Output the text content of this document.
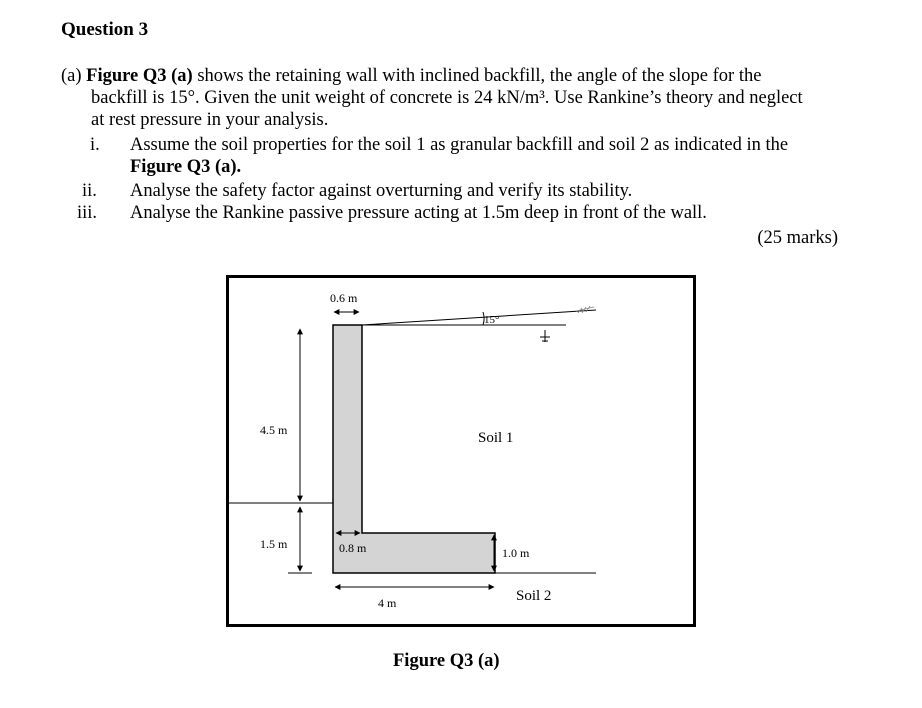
Question 3
(a) Figure Q3 (a) shows the retaining wall with inclined backfill, the angle of the slope for the
backfill is 15°. Given the unit weight of concrete is 24 kN/m³. Use Rankine’s theory and neglect
at rest pressure in your analysis.
i. Assume the soil properties for the soil 1 as granular backfill and soil 2 as indicated in the
Figure Q3 (a).
ii. Analyse the safety factor against overturning and verify its stability.
iii. Analyse the Rankine passive pressure acting at 1.5m deep in front of the wall.
(25 marks)
0.6 m
15°
4.5 m
1.5 m	0.8 m	1.0 m
4 m
Soil 1
Soil 2
Figure Q3 (a)
